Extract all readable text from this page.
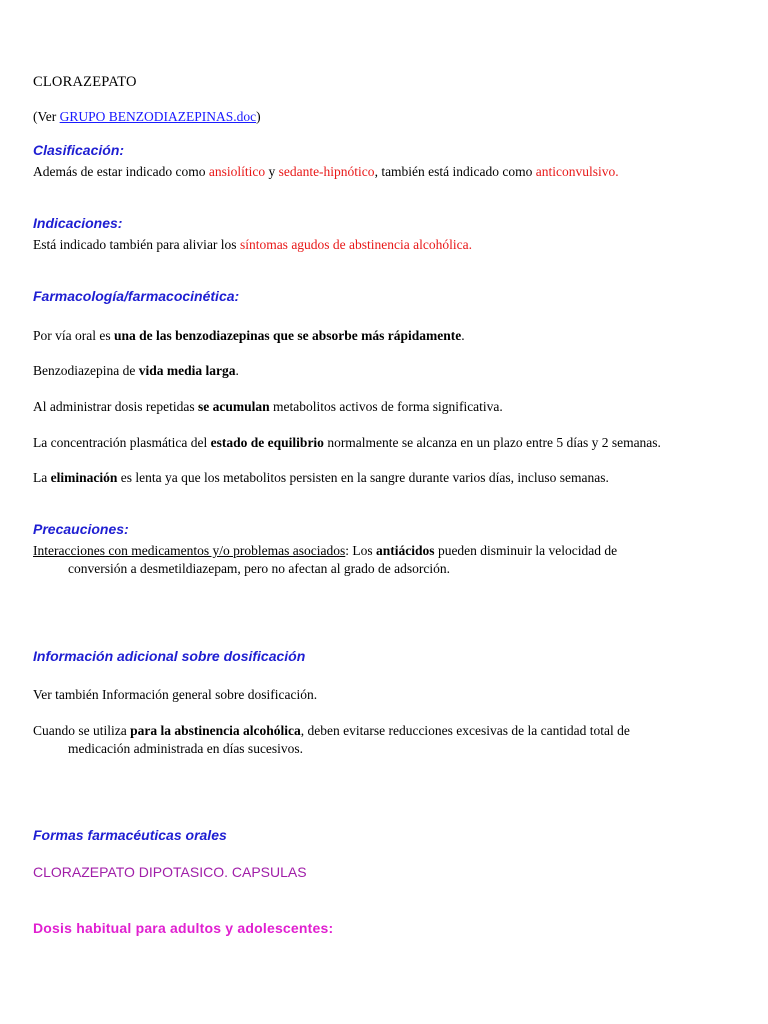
CLORAZEPATO

(Ver GRUPO BENZODIAZEPINAS.doc)

Clasificación:

Además de estar indicado como ansiolítico y sedante-hipnótico, también está indicado como anticonvulsivo.

Indicaciones:

Está indicado también para aliviar los síntomas agudos de abstinencia alcohólica.

Farmacología/farmacocinética:

Por vía oral es una de las benzodiazepinas que se absorbe más rápidamente.

Benzodiazepina de vida media larga.

Al administrar dosis repetidas se acumulan metabolitos activos de forma significativa.

La concentración plasmática del estado de equilibrio normalmente se alcanza en un plazo entre 5 días y 2 semanas.

La eliminación es lenta ya que los metabolitos persisten en la sangre durante varios días, incluso semanas.

Precauciones:

Interacciones con medicamentos y/o problemas asociados: Los antiácidos pueden disminuir la velocidad de

conversión a desmetildiazepam, pero no afectan al grado de adsorción.

Información adicional sobre dosificación

Ver también Información general sobre dosificación.

Cuando se utiliza para la abstinencia alcohólica, deben evitarse reducciones excesivas de la cantidad total de

medicación administrada en días sucesivos.

Formas farmacéuticas orales

CLORAZEPATO DIPOTASICO. CAPSULAS

Dosis habitual para adultos y adolescentes:
